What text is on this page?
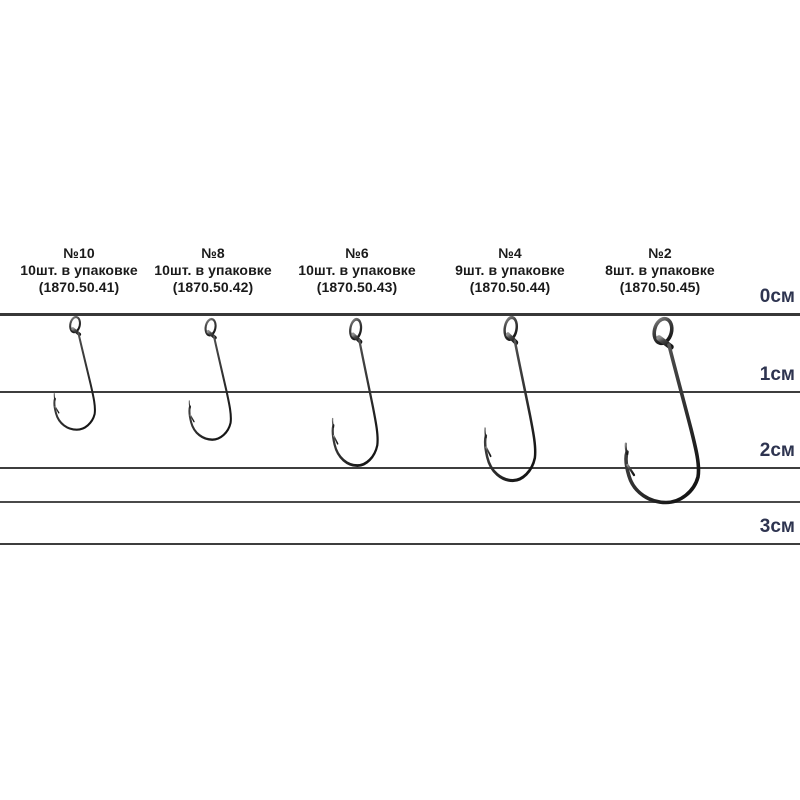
№10
10шт. в упаковке
(1870.50.41)
№8
10шт. в упаковке
(1870.50.42)
№6
10шт. в упаковке
(1870.50.43)
№4
9шт. в упаковке
(1870.50.44)
№2
8шт. в упаковке
(1870.50.45)	0см
1см
2см
3см
